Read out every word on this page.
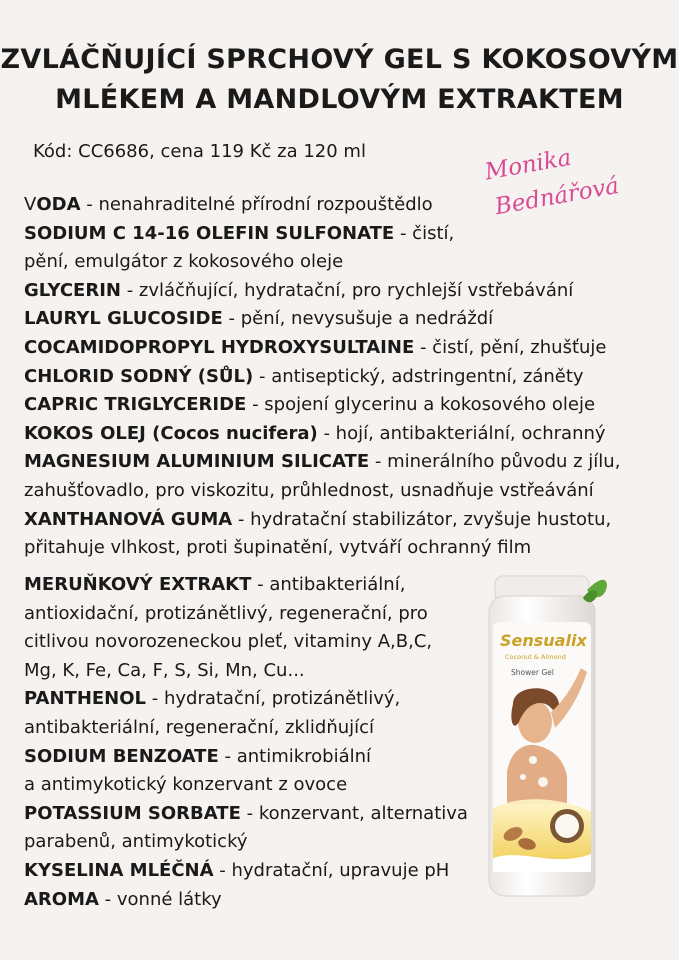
ZVLÁČŇUJÍCÍ SPRCHOVÝ GEL S KOKOSOVÝM
MLÉKEM A MANDLOVÝM EXTRAKTEM
Kód: CC6686, cena 119 Kč za 120 ml	Monika
Bednářová
VODA - nenahraditelné přírodní rozpouštědlo
SODIUM C 14-16 OLEFIN SULFONATE - čistí,
pění, emulgátor z kokosového oleje
GLYCERIN - zvláčňující, hydratační, pro rychlejší vstřebávání
LAURYL GLUCOSIDE - pění, nevysušuje a nedráždí
COCAMIDOPROPYL HYDROXYSULTAINE - čistí, pění, zhušťuje
CHLORID SODNÝ (SŮL) - antiseptický, adstringentní, záněty
CAPRIC TRIGLYCERIDE - spojení glycerinu a kokosového oleje
KOKOS OLEJ (Cocos nucifera) - hojí, antibakteriální, ochranný
MAGNESIUM ALUMINIUM SILICATE - minerálního původu z jílu,
zahušťovadlo, pro viskozitu, průhlednost, usnadňuje vstřeávání
XANTHANOVÁ GUMA - hydratační stabilizátor, zvyšuje hustotu,
přitahuje vlhkost, proti šupinatění, vytváří ochranný film
MERUŇKOVÝ EXTRAKT - antibakteriální,
antioxidační, protizánětlivý, regenerační, pro
citlivou novorozeneckou pleť, vitaminy A,B,C,
Mg, K, Fe, Ca, F, S, Si, Mn, Cu...
PANTHENOL - hydratační, protizánětlivý,
antibakteriální, regenerační, zklidňující
SODIUM BENZOATE - antimikrobiální
a antimykotický konzervant z ovoce
POTASSIUM SORBATE - konzervant, alternativa
parabenů, antimykotický
KYSELINA MLÉČNÁ - hydratační, upravuje pH
AROMA - vonné látky
Sensualix
Coconut & Almond
Shower Gel
